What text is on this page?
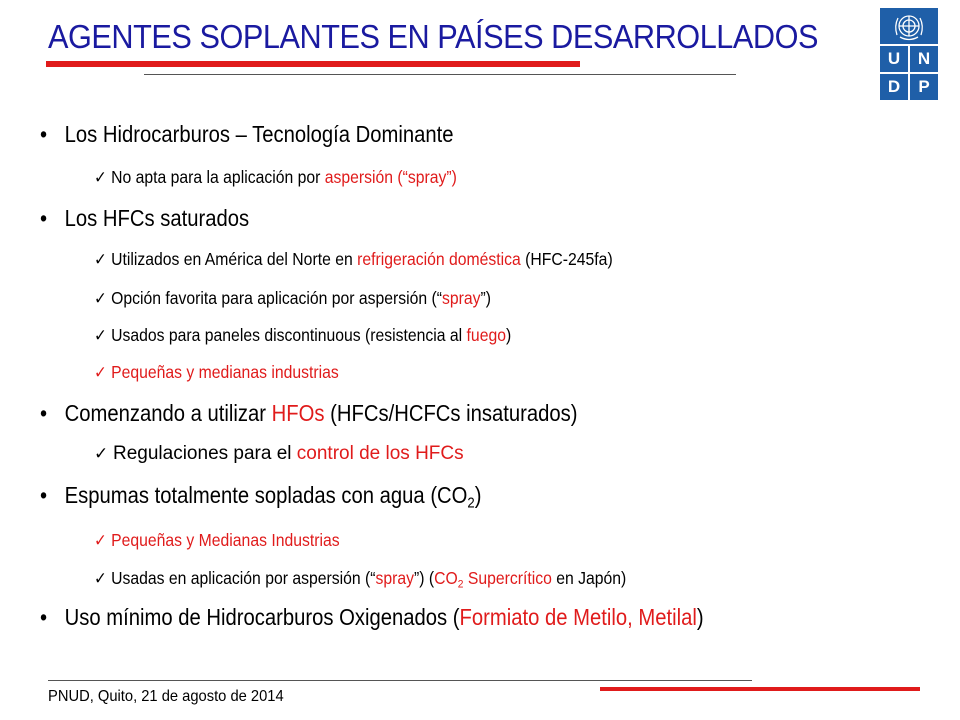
AGENTES SOPLANTES EN PAÍSES DESARROLLADOS
U	N
D	P
• Los Hidrocarburos – Tecnología Dominante
✓ No apta para la aplicación por aspersión (“spray”)
• Los HFCs saturados
✓ Utilizados en América del Norte en refrigeración doméstica (HFC-245fa)
✓ Opción favorita para aplicación por aspersión (“spray”)
✓ Usados para paneles discontinuous (resistencia al fuego)
✓ Pequeñas y medianas industrias
• Comenzando a utilizar HFOs (HFCs/HCFCs insaturados)
✓ Regulaciones para el control de los HFCs
• Espumas totalmente sopladas con agua $(CO_2)$
✓ Pequeñas y Medianas Industrias
✓ Usadas en aplicación por aspersión (“spray”) ($CO_2$ Supercrítico en Japón)
• Uso mínimo de Hidrocarburos Oxigenados (Formiato de Metilo, Metilal)
PNUD, Quito, 21 de agosto de 2014
